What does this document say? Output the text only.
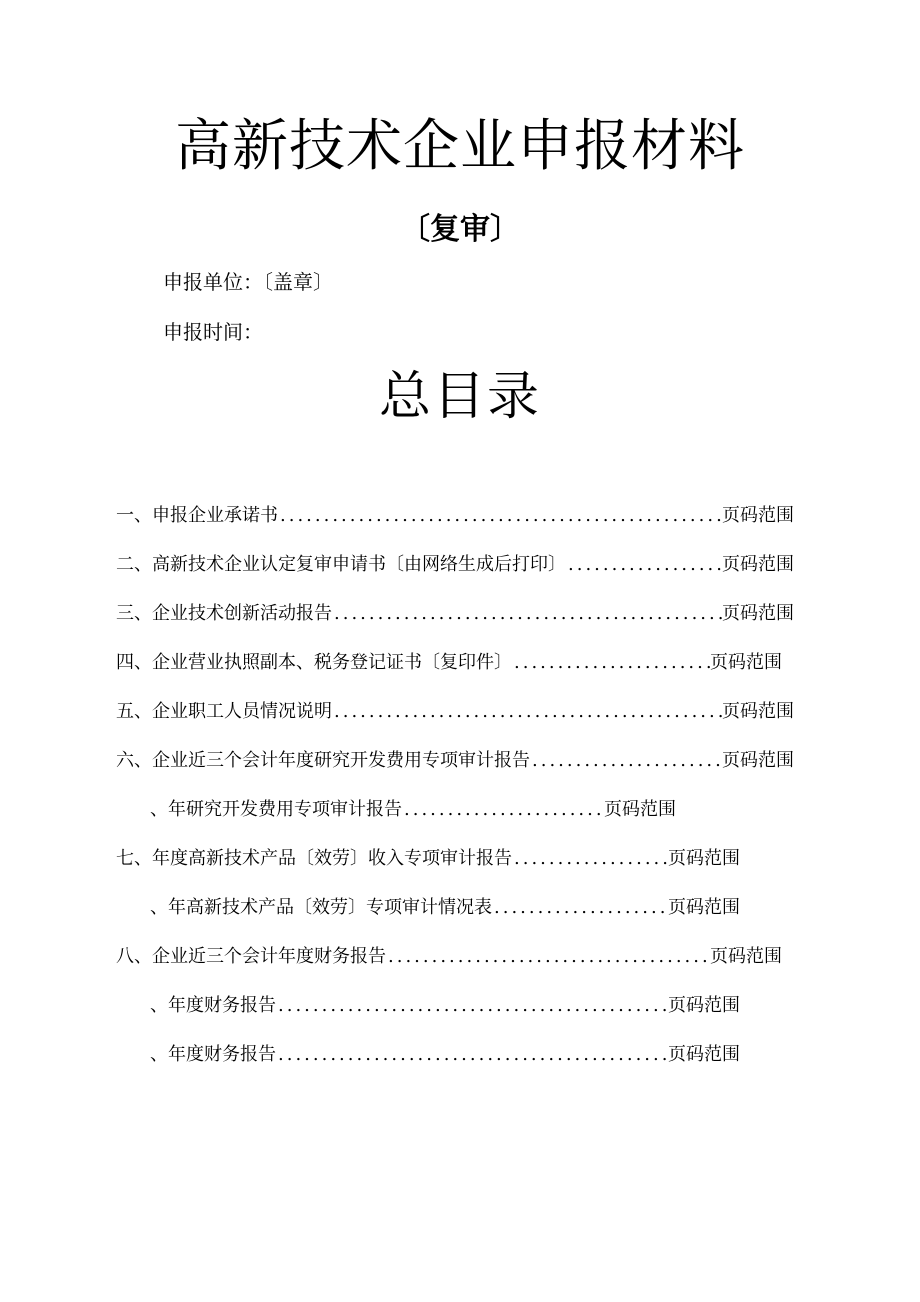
高新技术企业申报材料
〔复审〕
申报单位：〔盖章〕
申报时间：
总目录
一、 申报企业承诺书 .....	页码范围
二、 高新技术企业认定复审申请书〔由网络生成后打印〕 .....	页码范围
三、 企业技术创新活动报告 .....	页码范围
四、 企业营业执照副本、税务登记证书〔复印件〕 .....	页码范围
五、 企业职工人员情况说明 .....	页码范围
六、 企业近三个会计年度研究开发费用专项审计报告 .....	页码范围
、年研究开发费用专项审计报告 .....	页码范围
七、 年度高新技术产品〔效劳〕收入专项审计报告 .....	页码范围
、年高新技术产品〔效劳〕专项审计情况表 .....	页码范围
八、 企业近三个会计年度财务报告 .....	页码范围
、年度财务报告 .....	页码范围
、年度财务报告 .....	页码范围
